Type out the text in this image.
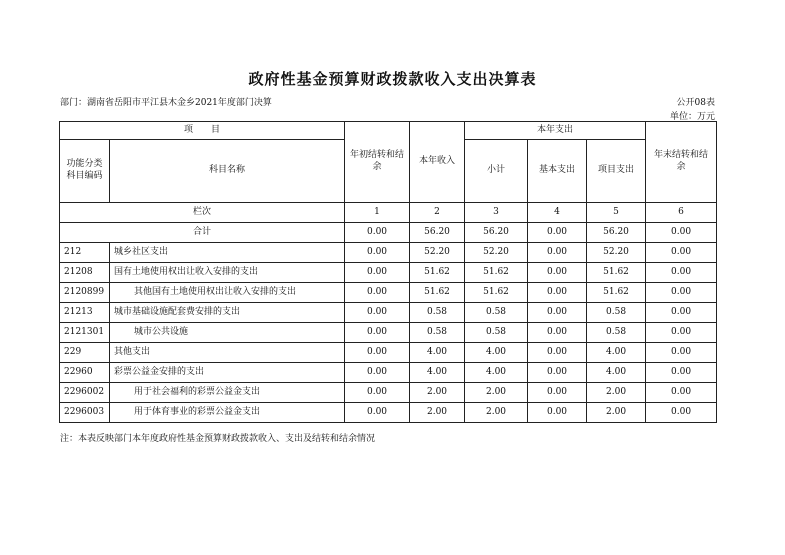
政府性基金预算财政拨款收入支出决算表
部门：湖南省岳阳市平江县木金乡2021年度部门决算	公开08表
单位：万元
项　　目		年初结转和结余	本年收入	本年支出			年末结转和结余
功能分类科目编码	科目名称			小计	基本支出	项目支出	
栏次		1	2	3	4	5	6
合计		0.00	56.20	56.20	0.00	56.20	0.00
212	城乡社区支出	0.00	52.20	52.20	0.00	52.20	0.00
21208	国有土地使用权出让收入安排的支出	0.00	51.62	51.62	0.00	51.62	0.00
2120899	其他国有土地使用权出让收入安排的支出	0.00	51.62	51.62	0.00	51.62	0.00
21213	城市基础设施配套费安排的支出	0.00	0.58	0.58	0.00	0.58	0.00
2121301	城市公共设施	0.00	0.58	0.58	0.00	0.58	0.00
229	其他支出	0.00	4.00	4.00	0.00	4.00	0.00
22960	彩票公益金安排的支出	0.00	4.00	4.00	0.00	4.00	0.00
2296002	用于社会福利的彩票公益金支出	0.00	2.00	2.00	0.00	2.00	0.00
2296003	用于体育事业的彩票公益金支出	0.00	2.00	2.00	0.00	2.00	0.00
注：本表反映部门本年度政府性基金预算财政拨款收入、支出及结转和结余情况
